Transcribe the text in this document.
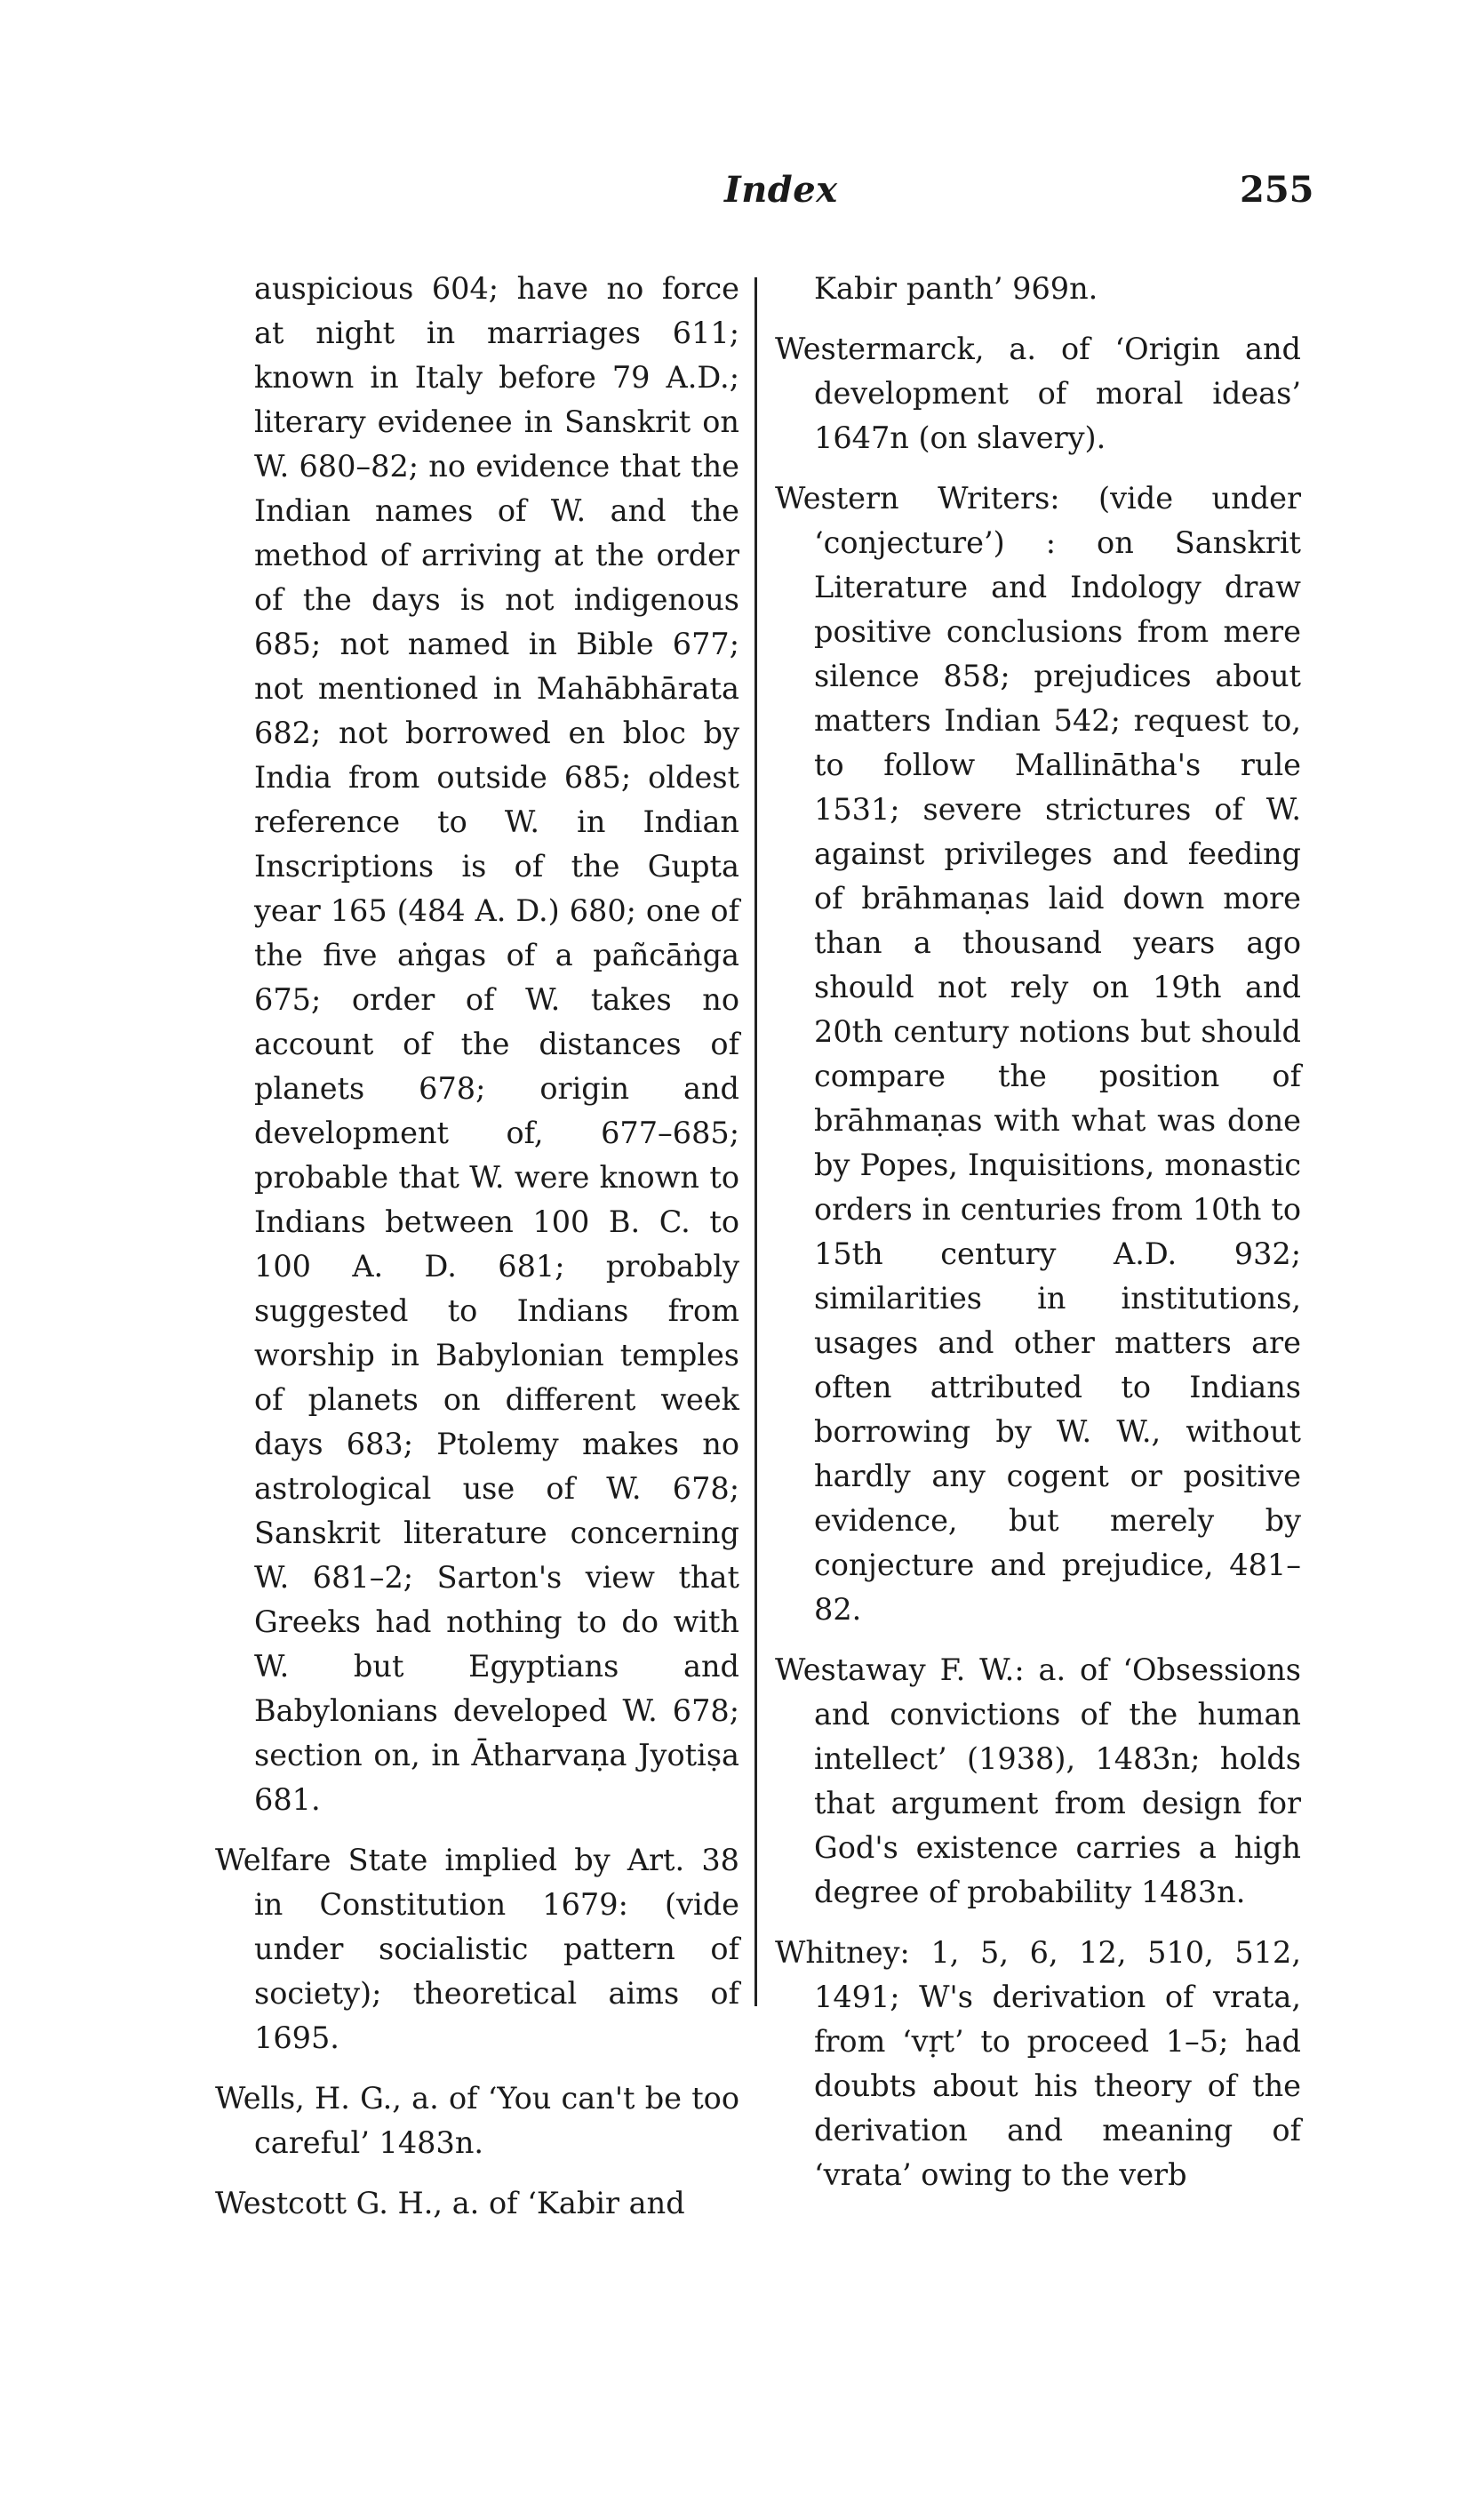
Index	255

auspicious 604; have no force at night in marriages 611; known in Italy before 79 A.D.; literary evidenee in Sanskrit on W. 680–82; no evidence that the Indian names of W. and the method of arriving at the order of the days is not indigenous 685; not named in Bible 677; not mentioned in Mahābhārata 682; not borrowed en bloc by India from outside 685; oldest reference to W. in Indian Inscriptions is of the Gupta year 165 (484 A. D.) 680; one of the five aṅgas of a pañcāṅga 675; order of W. takes no account of the distances of planets 678; origin and development of, 677–685; probable that W. were known to Indians between 100 B. C. to 100 A. D. 681; probably suggested to Indians from worship in Babylonian temples of planets on different week days 683; Ptolemy makes no astrological use of W. 678; Sanskrit literature concerning W. 681–2; Sarton's view that Greeks had nothing to do with W. but Egyptians and Babylonians developed W. 678; section on, in Ātharvaṇa Jyotiṣa 681.

Welfare State implied by Art. 38 in Constitution 1679: (vide under socialistic pattern of society); theoretical aims of 1695.

Wells, H. G., a. of ‘You can't be too careful’ 1483n.

Westcott G. H., a. of ‘Kabir and

Kabir panth’ 969n.

Westermarck, a. of ‘Origin and development of moral ideas’ 1647n (on slavery).

Western Writers: (vide under ‘conjecture’) : on Sanskrit Literature and Indology draw positive conclusions from mere silence 858; prejudices about matters Indian 542; request to, to follow Mallinātha's rule 1531; severe strictures of W. against privileges and feeding of brāhmaṇas laid down more than a thousand years ago should not rely on 19th and 20th century notions but should compare the position of brāhmaṇas with what was done by Popes, Inquisitions, monastic orders in centuries from 10th to 15th century A.D. 932; similarities in institutions, usages and other matters are often attributed to Indians borrowing by W. W., without hardly any cogent or positive evidence, but merely by conjecture and prejudice, 481–82.

Westaway F. W.: a. of ‘Obsessions and convictions of the human intellect’ (1938), 1483n; holds that argument from design for God's existence carries a high degree of probability 1483n.

Whitney: 1, 5, 6, 12, 510, 512, 1491; W's derivation of vrata, from ‘vṛt’ to proceed 1–5; had doubts about his theory of the derivation and meaning of ‘vrata’ owing to the verb
